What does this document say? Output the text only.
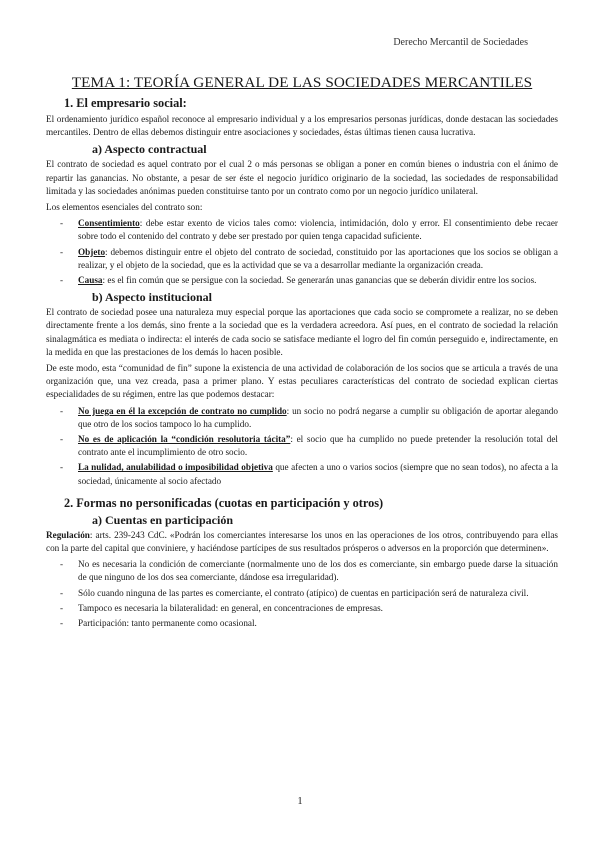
Derecho Mercantil de Sociedades
TEMA 1: TEORÍA GENERAL DE LAS SOCIEDADES MERCANTILES
1. El empresario social:

El ordenamiento jurídico español reconoce al empresario individual y a los empresarios personas jurídicas, donde destacan las sociedades mercantiles. Dentro de ellas debemos distinguir entre asociaciones y sociedades, éstas últimas tienen causa lucrativa.

a) Aspecto contractual

El contrato de sociedad es aquel contrato por el cual 2 o más personas se obligan a poner en común bienes o industria con el ánimo de repartir las ganancias. No obstante, a pesar de ser éste el negocio jurídico originario de la sociedad, las sociedades de responsabilidad limitada y las sociedades anónimas pueden constituirse tanto por un contrato como por un negocio jurídico unilateral.

Los elementos esenciales del contrato son:

- Consentimiento: debe estar exento de vicios tales como: violencia, intimidación, dolo y error. El consentimiento debe recaer sobre todo el contenido del contrato y debe ser prestado por quien tenga capacidad suficiente.
- Objeto: debemos distinguir entre el objeto del contrato de sociedad, constituido por las aportaciones que los socios se obligan a realizar, y el objeto de la sociedad, que es la actividad que se va a desarrollar mediante la organización creada.
- Causa: es el fin común que se persigue con la sociedad. Se generarán unas ganancias que se deberán dividir entre los socios.
b) Aspecto institucional

El contrato de sociedad posee una naturaleza muy especial porque las aportaciones que cada socio se compromete a realizar, no se deben directamente frente a los demás, sino frente a la sociedad que es la verdadera acreedora. Así pues, en el contrato de sociedad la relación sinalagmática es mediata o indirecta: el interés de cada socio se satisface mediante el logro del fin común perseguido e, indirectamente, en la medida en que las prestaciones de los demás lo hacen posible.

De este modo, esta “comunidad de fin” supone la existencia de una actividad de colaboración de los socios que se articula a través de una organización que, una vez creada, pasa a primer plano. Y estas peculiares características del contrato de sociedad explican ciertas especialidades de su régimen, entre las que podemos destacar:

- No juega en él la excepción de contrato no cumplido: un socio no podrá negarse a cumplir su obligación de aportar alegando que otro de los socios tampoco lo ha cumplido.
- No es de aplicación la “condición resolutoria tácita”: el socio que ha cumplido no puede pretender la resolución total del contrato ante el incumplimiento de otro socio.
- La nulidad, anulabilidad o imposibilidad objetiva que afecten a uno o varios socios (siempre que no sean todos), no afecta a la sociedad, únicamente al socio afectado
2. Formas no personificadas (cuotas en participación y otros)
a) Cuentas en participación

Regulación: arts. 239-243 CdC. «Podrán los comerciantes interesarse los unos en las operaciones de los otros, contribuyendo para ellas con la parte del capital que conviniere, y haciéndose partícipes de sus resultados prósperos o adversos en la proporción que determinen».

- No es necesaria la condición de comerciante (normalmente uno de los dos es comerciante, sin embargo puede darse la situación de que ninguno de los dos sea comerciante, dándose esa irregularidad).
- Sólo cuando ninguna de las partes es comerciante, el contrato (atípico) de cuentas en participación será de naturaleza civil.
- Tampoco es necesaria la bilateralidad: en general, en concentraciones de empresas.
- Participación: tanto permanente como ocasional.
1
